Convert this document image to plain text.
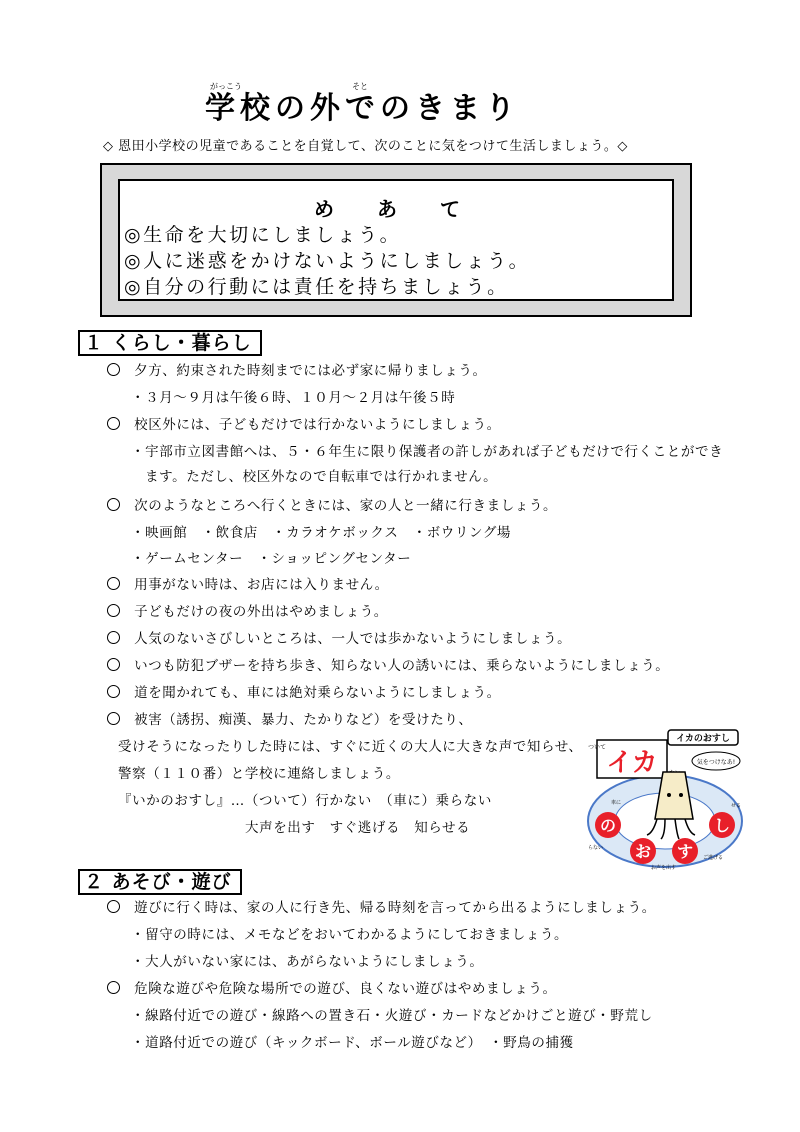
がっこう	そと
学校の外でのきまり
◇ 恩田小学校の児童であることを自覚して、次のことに気をつけて生活しましょう。◇
め あ て
◎生命を大切にしましょう。
◎人に迷惑をかけないようにしましょう。
◎自分の行動には責任を持ちましょう。
１ くらし・暮らし
　夕方、約束された時刻までには必ず家に帰りましょう。
・３月～９月は午後６時、１０月～２月は午後５時
　校区外には、子どもだけでは行かないようにしましょう。
・宇部市立図書館へは、５・６年生に限り保護者の許しがあれば子どもだけで行くことができ
ます。ただし、校区外なので自転車では行かれません。
　次のようなところへ行くときには、家の人と一緒に行きましょう。
・映画館　・飲食店　・カラオケボックス　・ボウリング場
・ゲームセンター　・ショッピングセンター
　用事がない時は、お店には入りません。
　子どもだけの夜の外出はやめましょう。
　人気のないさびしいところは、一人では歩かないようにしましょう。
　いつも防犯ブザーを持ち歩き、知らない人の誘いには、乗らないようにしましょう。
　道を聞かれても、車には絶対乗らないようにしましょう。
　被害（誘拐、痴漢、暴力、たかりなど）を受けたり、
受けそうになったりした時には、すぐに近くの大人に大きな声で知らせ、
警察（１１０番）と学校に連絡しましょう。
『いかのおすし』…（ついて）行かない　（車に）乗らない
大声を出す　すぐ逃げる　知らせる
イカのおすし
イカ
ついて
気をつけなあ!
の
お す
し
らない
車に
お声を出す
ご逃げる
せる
２ あそび・遊び
　遊びに行く時は、家の人に行き先、帰る時刻を言ってから出るようにしましょう。
・留守の時には、メモなどをおいてわかるようにしておきましょう。
・大人がいない家には、あがらないようにしましょう。
　危険な遊びや危険な場所での遊び、良くない遊びはやめましょう。
・線路付近での遊び・線路への置き石・火遊び・カードなどかけごと遊び・野荒し
・道路付近での遊び（キックボード、ボール遊びなど）　・野鳥の捕獲
